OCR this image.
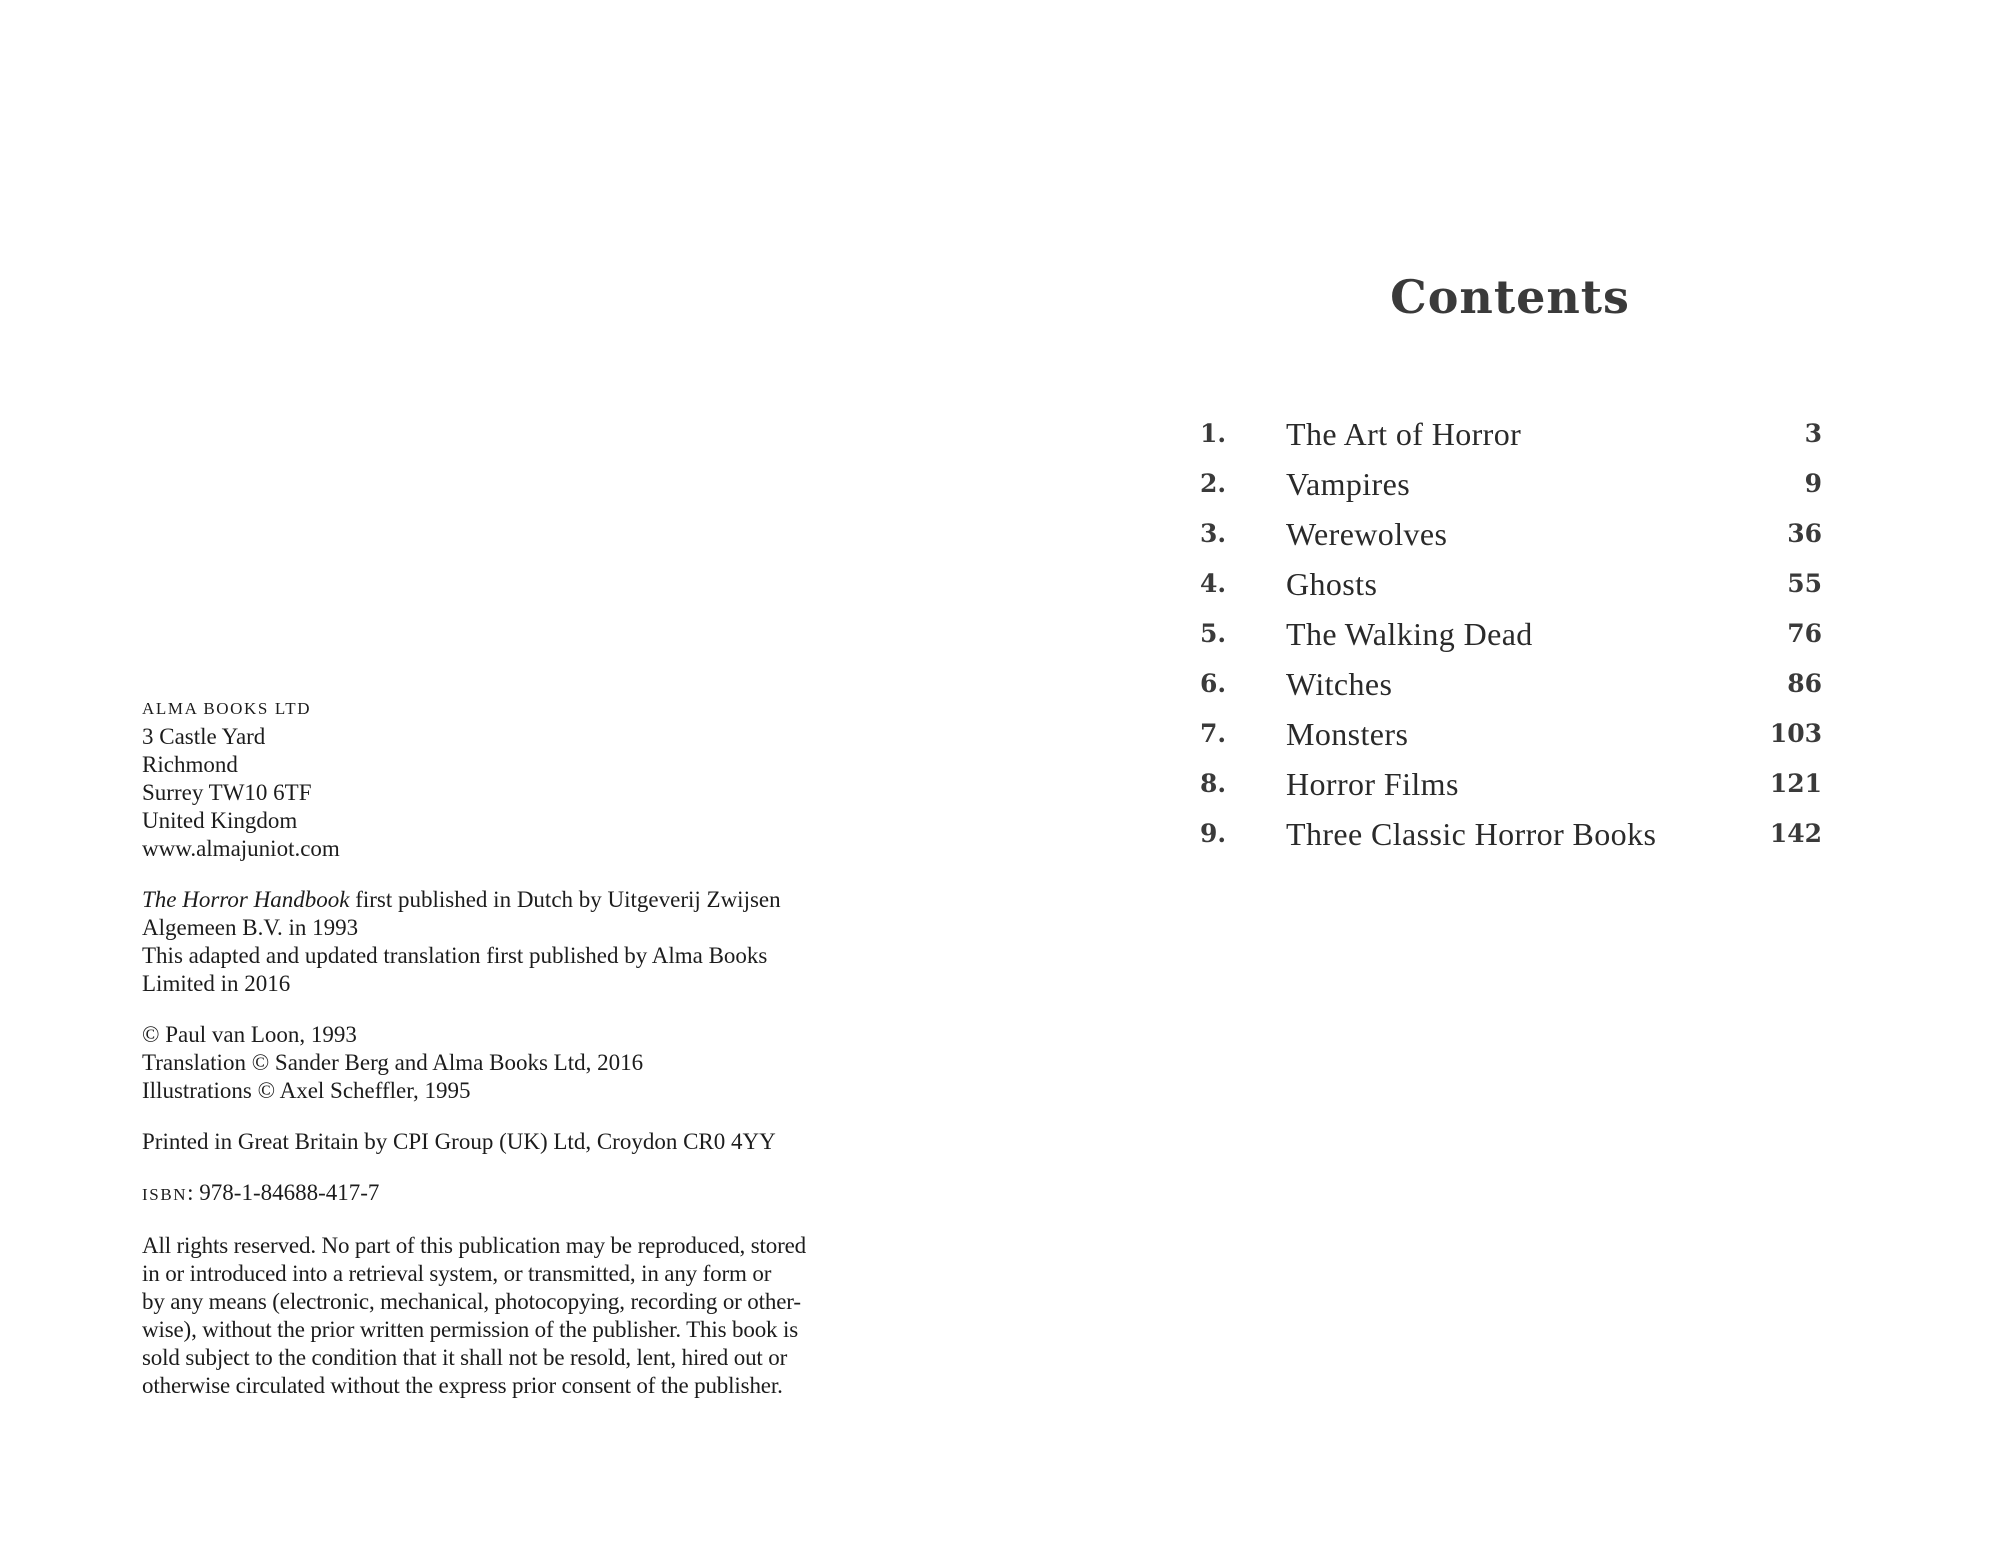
ALMA BOOKS LTD
3 Castle Yard
Richmond
Surrey TW10 6TF
United Kingdom
www.almajuniot.com
The Horror Handbook first published in Dutch by Uitgeverij Zwijsen
Algemeen B.V. in 1993
This adapted and updated translation first published by Alma Books
Limited in 2016
© Paul van Loon, 1993
Translation © Sander Berg and Alma Books Ltd, 2016
Illustrations © Axel Scheffler, 1995
Printed in Great Britain by CPI Group (UK) Ltd, Croydon CR0 4YY
ISBN: 978-1-84688-417-7
All rights reserved. No part of this publication may be reproduced, stored
in or introduced into a retrieval system, or transmitted, in any form or
by any means (electronic, mechanical, photocopying, recording or other-
wise), without the prior written permission of the publisher. This book is
sold subject to the condition that it shall not be resold, lent, hired out or
otherwise circulated without the express prior consent of the publisher.
Contents
1. The Art of Horror	3
2. Vampires	9
3. Werewolves	36
4. Ghosts	55
5. The Walking Dead	76
6. Witches	86
7. Monsters	103
8. Horror Films	121
9. Three Classic Horror Books	142
